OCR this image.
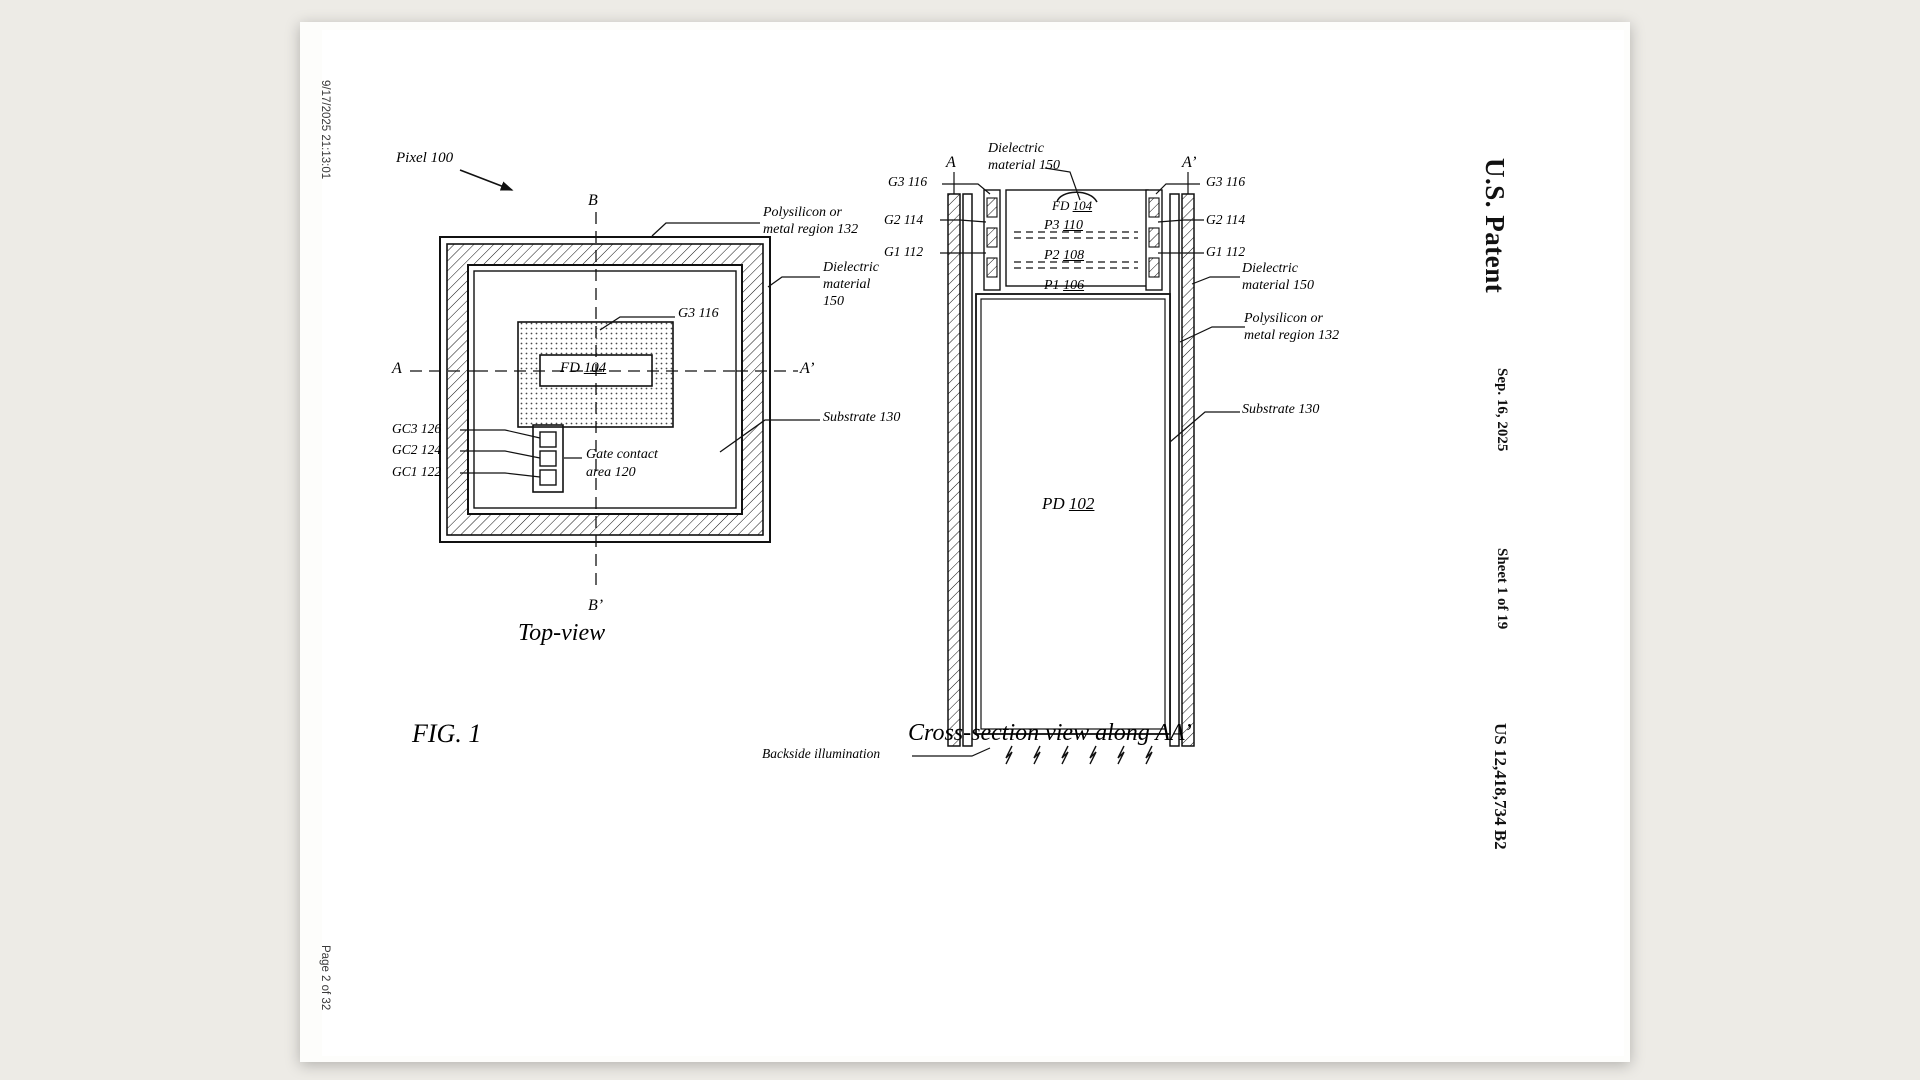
Pixel 100
Polysilicon or
metal region 132
Dielectric
material
150
G3 116
FD 104
Substrate 130
GC3 126
GC2 124
GC1 122
Gate contact
area 120
B
B’
A	A’
Top-view
FIG. 1
A	A’
Dielectric
material 150
G3 116	G3 116
G2 114	G2 114
G1 112	G1 112
FD 104
P3 110
P2 108
P1 106
Dielectric
material 150
Polysilicon or
metal region 132
Substrate 130
PD 102
Backside illumination
Cross-section view along AA’
9/17/2025 21:13:01
Page 2 of 32
U.S. Patent
Sep. 16, 2025
Sheet 1 of 19
US 12,418,734 B2
